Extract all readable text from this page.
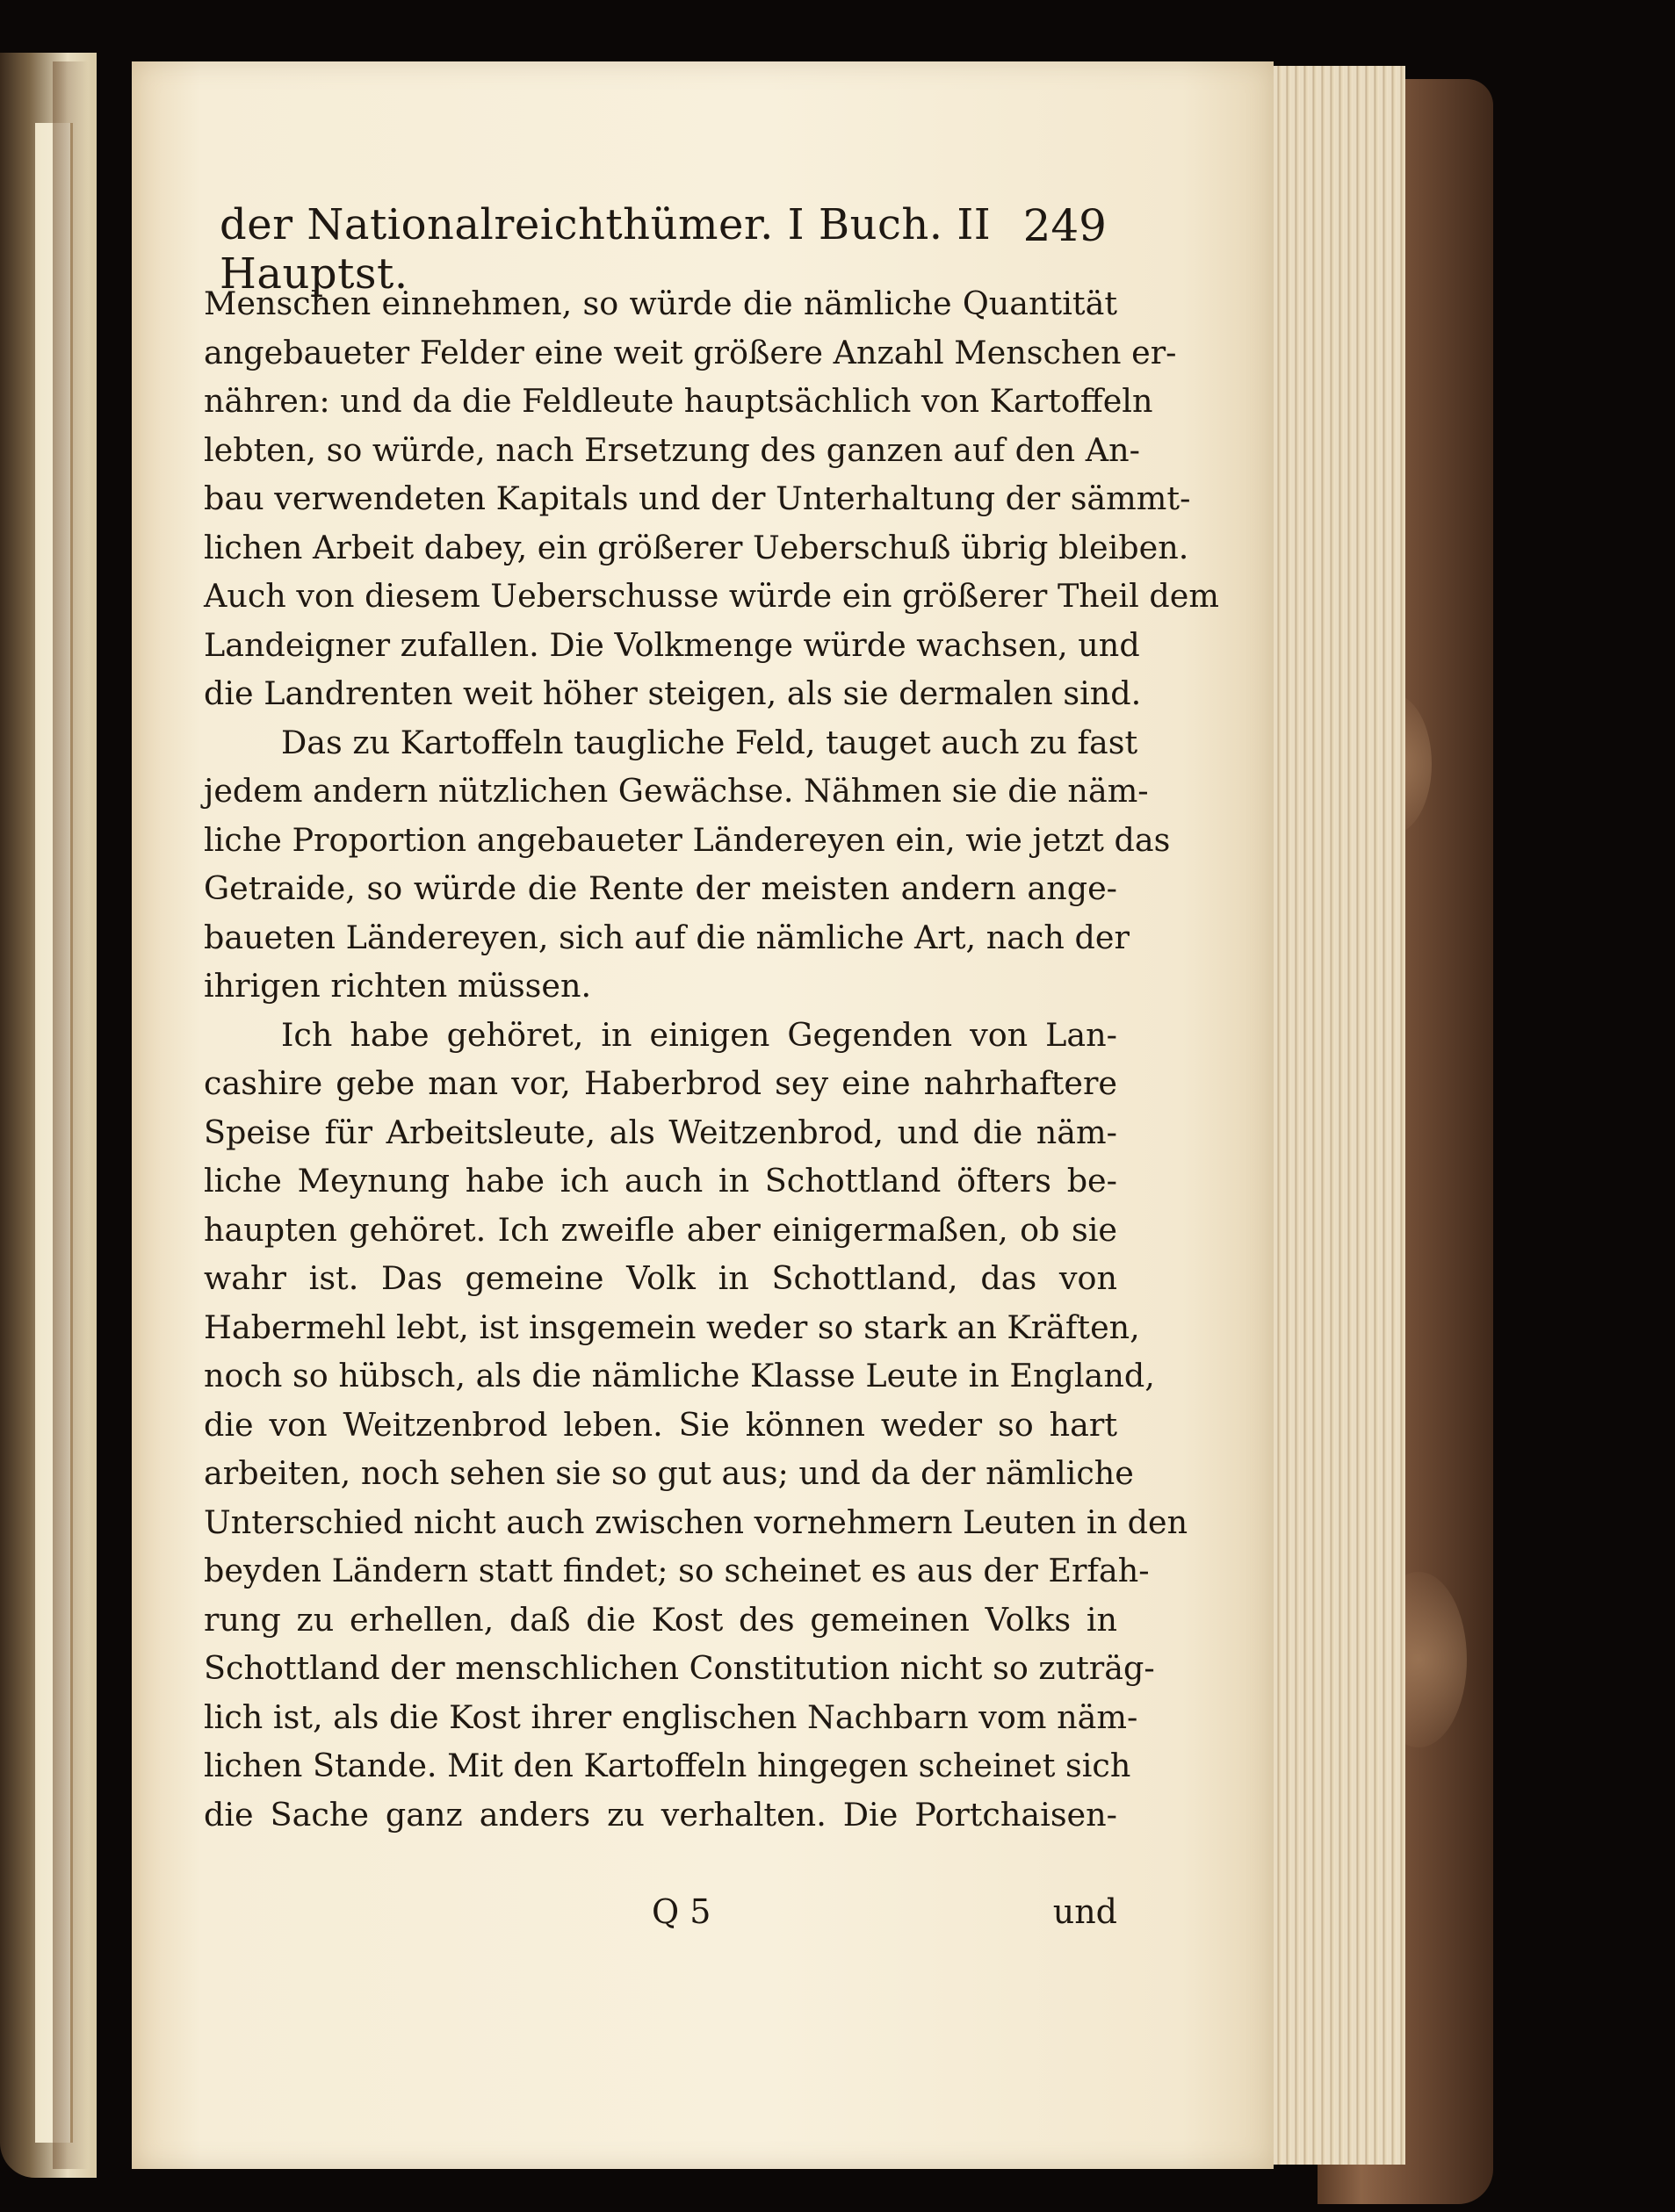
der Nationalreichthümer. I Buch. II Hauptst.
249
Menschen einnehmen, so würde die nämliche Quantität
angebaueter Felder eine weit größere Anzahl Menschen er-
nähren: und da die Feldleute hauptsächlich von Kartoffeln
lebten, so würde, nach Ersetzung des ganzen auf den An-
bau verwendeten Kapitals und der Unterhaltung der sämmt-
lichen Arbeit dabey, ein größerer Ueberschuß übrig bleiben.
Auch von diesem Ueberschusse würde ein größerer Theil dem
Landeigner zufallen. Die Volkmenge würde wachsen, und
die Landrenten weit höher steigen, als sie dermalen sind.
Das zu Kartoffeln taugliche Feld, tauget auch zu fast
jedem andern nützlichen Gewächse. Nähmen sie die näm-
liche Proportion angebaueter Ländereyen ein, wie jetzt das
Getraide, so würde die Rente der meisten andern ange-
baueten Ländereyen, sich auf die nämliche Art, nach der
ihrigen richten müssen.
Ich habe gehöret, in einigen Gegenden von Lan-
cashire gebe man vor, Haberbrod sey eine nahrhaftere
Speise für Arbeitsleute, als Weitzenbrod, und die näm-
liche Meynung habe ich auch in Schottland öfters be-
haupten gehöret. Ich zweifle aber einigermaßen, ob sie
wahr ist. Das gemeine Volk in Schottland, das von
Habermehl lebt, ist insgemein weder so stark an Kräften,
noch so hübsch, als die nämliche Klasse Leute in England,
die von Weitzenbrod leben. Sie können weder so hart
arbeiten, noch sehen sie so gut aus; und da der nämliche
Unterschied nicht auch zwischen vornehmern Leuten in den
beyden Ländern statt findet; so scheinet es aus der Erfah-
rung zu erhellen, daß die Kost des gemeinen Volks in
Schottland der menschlichen Constitution nicht so zuträg-
lich ist, als die Kost ihrer englischen Nachbarn vom näm-
lichen Stande. Mit den Kartoffeln hingegen scheinet sich
die Sache ganz anders zu verhalten. Die Portchaisen-
Q 5	und
